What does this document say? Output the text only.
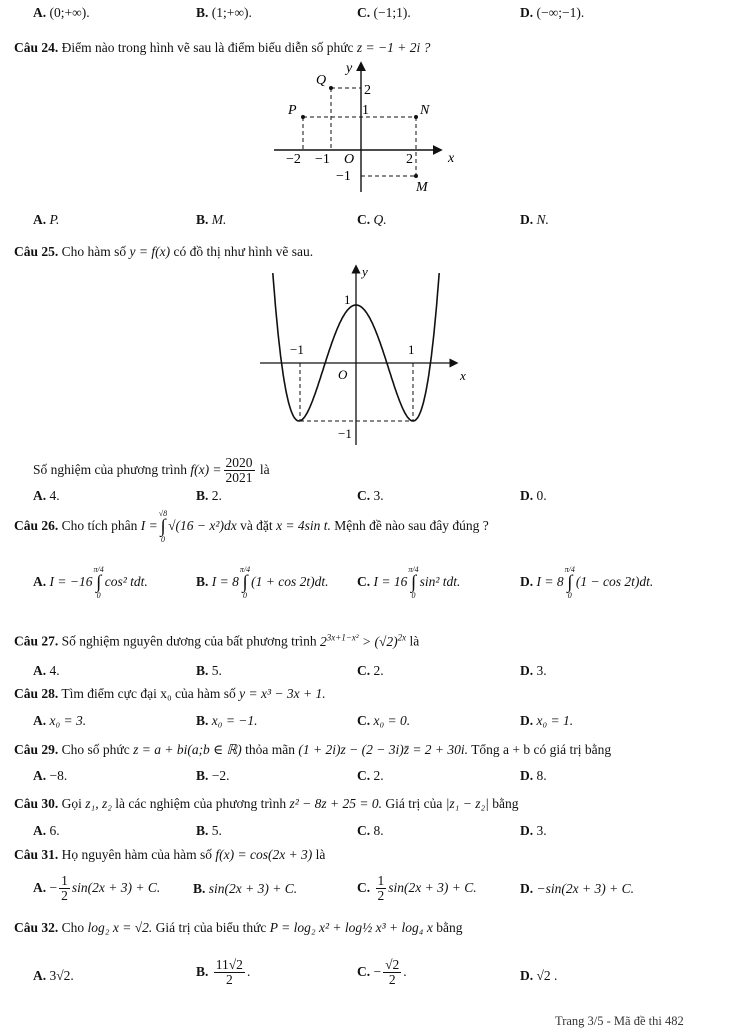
A. (0;+∞).	B. (1;+∞).	C. (−1;1).	D. (−∞;−1).
Câu 24. Điểm nào trong hình vẽ sau là điểm biểu diễn số phức z = −1 + 2i ?
y
x
O
2
1
−1
−2 −1	2
Q
P	N
M
A. P.	B. M.	C. Q.	D. N.
Câu 25. Cho hàm số y = f(x) có đồ thị như hình vẽ sau.
y
x
O
1
−1
−1	1
Số nghiệm của phương trình $f(x) = \frac{2020}{2021}$ là
A. 4.	B. 2.	C. 3.	D. 0.
Câu 26. Cho tích phân I =
√8
∫
0
√(16 − x²)dx và đặt x = 4sin t. Mệnh đề nào sau đây đúng ?
A. I = −16
π/4
∫
0
cos² tdt.	B. I = 8
π/4
∫
0
(1 + cos 2t)dt. C. I = 16
π/4
∫
0
sin² tdt.	D. I = 8
π/4
∫
0
(1 − cos 2t)dt.
Câu 27. Số nghiệm nguyên dương của bất phương trình $2^{3x+1-x^2} > (√2)^{2x}$ là
A. 4.	B. 5.	C. 2.	D. 3.
Câu 28. Tìm điểm cực đại x₀ của hàm số y = x³ − 3x + 1.
A. x₀ = 3.	B. x₀ = −1.	C. x₀ = 0.	D. x₀ = 1.
Câu 29. Cho số phức z = a + bi(a;b ∈ ℝ) thỏa mãn (1 + 2i)z − (2 − 3i)z̄ = 2 + 30i. Tổng a + b có giá trị bằng
A. −8.	B. −2.	C. 2.	D. 8.
Câu 30. Gọi z₁, z₂ là các nghiệm của phương trình z² − 8z + 25 = 0. Giá trị của |z₁ − z₂| bằng
A. 6.	B. 5.	C. 8.	D. 3.
Câu 31. Họ nguyên hàm của hàm số f(x) = cos(2x + 3) là
A. − $\frac{1}{2} \sin(2x + 3) + C$. B. sin(2x + 3) + C.	C. $\frac{1}{2} \sin(2x + 3) + C$.	D. −sin(2x + 3) + C.
Câu 32. Cho log₂ x = √2. Giá trị của biểu thức P = log₂ x² + log½ x³ + log₄ x bằng
A. 3√2.	B. $\frac{11√2}{2}$ .	C. − $\frac{√2}{2}$ .	D. √2 .
Trang 3/5 - Mã đề thi 482
